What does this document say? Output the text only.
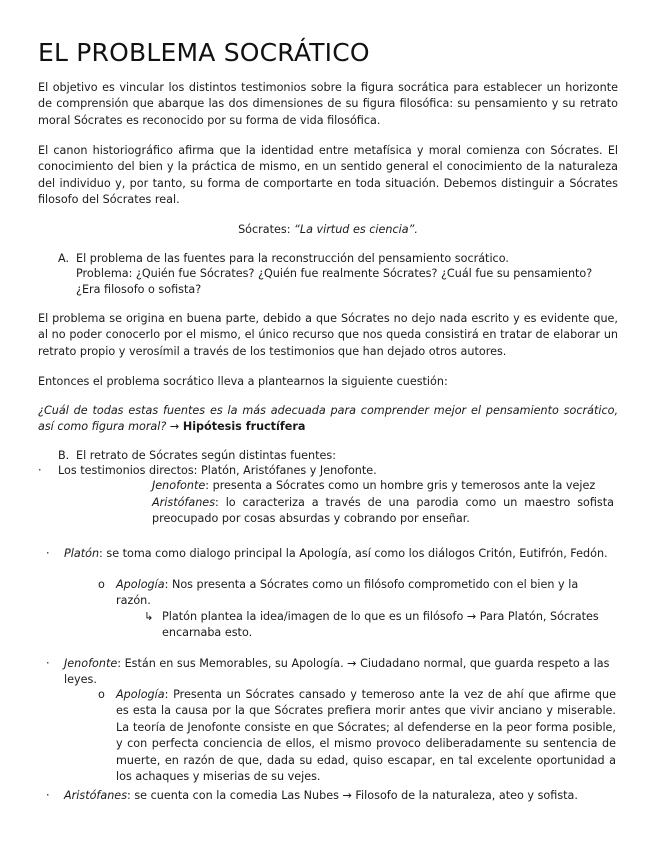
EL PROBLEMA SOCRÁTICO

El objetivo es vincular los distintos testimonios sobre la figura socrática para establecer un horizonte de comprensión que abarque las dos dimensiones de su figura filosófica: su pensamiento y su retrato moral Sócrates es reconocido por su forma de vida filosófica.

El canon historiográfico afirma que la identidad entre metafísica y moral comienza con Sócrates. El conocimiento del bien y la práctica de mismo, en un sentido general el conocimiento de la naturaleza del individuo y, por tanto, su forma de comportarte en toda situación. Debemos distinguir a Sócrates filosofo del Sócrates real.

Sócrates: “La virtud es ciencia”.

A. El problema de las fuentes para la reconstrucción del pensamiento socrático.

Problema: ¿Quién fue Sócrates? ¿Quién fue realmente Sócrates? ¿Cuál fue su pensamiento? ¿Era filosofo o sofista?

El problema se origina en buena parte, debido a que Sócrates no dejo nada escrito y es evidente que, al no poder conocerlo por el mismo, el único recurso que nos queda consistirá en tratar de elaborar un retrato propio y verosímil a través de los testimonios que han dejado otros autores.

Entonces el problema socrático lleva a plantearnos la siguiente cuestión:

¿Cuál de todas estas fuentes es la más adecuada para comprender mejor el pensamiento socrático, así como figura moral? → Hipótesis fructífera

B. El retrato de Sócrates según distintas fuentes:

· Los testimonios directos: Platón, Aristófanes y Jenofonte.

Jenofonte: presenta a Sócrates como un hombre gris y temerosos ante la vejez

Aristófanes: lo caracteriza a través de una parodia como un maestro sofista preocupado por cosas absurdas y cobrando por enseñar.

· Platón: se toma como dialogo principal la Apología, así como los diálogos Critón, Eutifrón, Fedón.

o Apología: Nos presenta a Sócrates como un filósofo comprometido con el bien y la razón.

↳ Platón plantea la idea/imagen de lo que es un filósofo → Para Platón, Sócrates encarnaba esto.

· Jenofonte: Están en sus Memorables, su Apología. → Ciudadano normal, que guarda respeto a las leyes.

o Apología: Presenta un Sócrates cansado y temeroso ante la vez de ahí que afirme que es esta la causa por la que Sócrates prefiera morir antes que vivir anciano y miserable. La teoría de Jenofonte consiste en que Sócrates; al defenderse en la peor forma posible, y con perfecta conciencia de ellos, el mismo provoco deliberadamente su sentencia de muerte, en razón de que, dada su edad, quiso escapar, en tal excelente oportunidad a los achaques y miserias de su vejes.

· Aristófanes: se cuenta con la comedia Las Nubes → Filosofo de la naturaleza, ateo y sofista.
